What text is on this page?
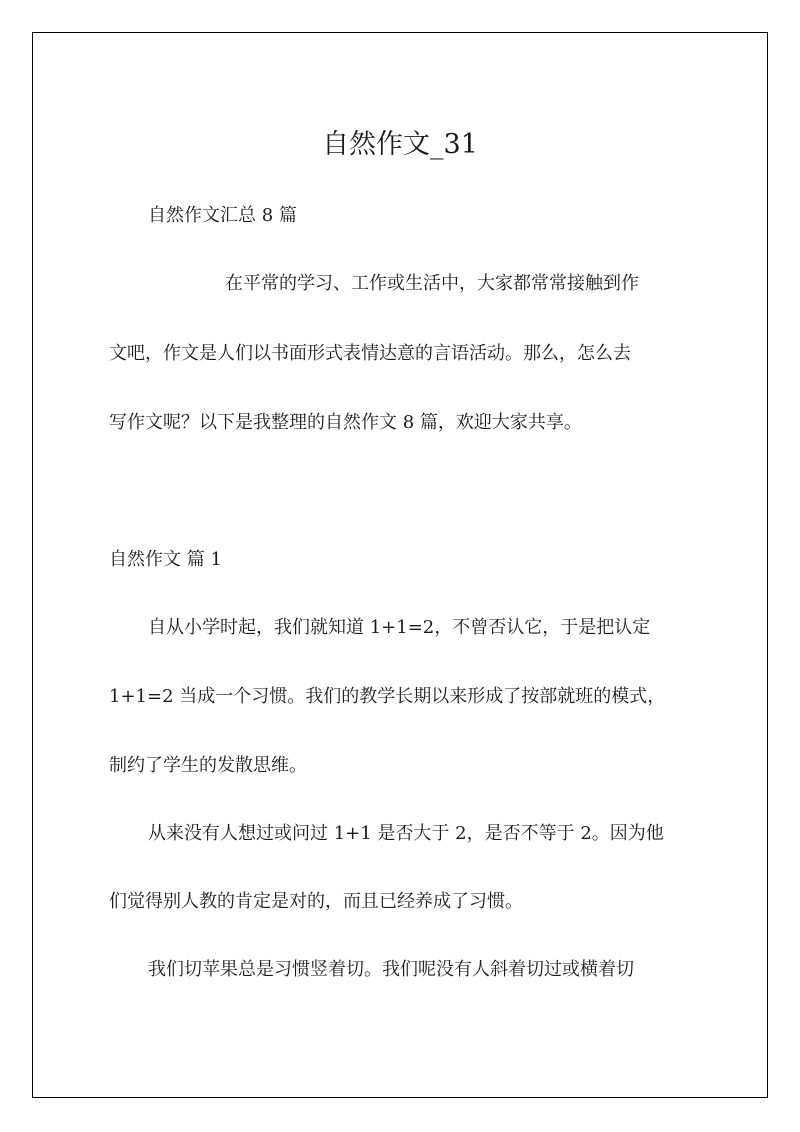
自然作文_31
自然作文汇总 8 篇
在平常的学习、工作或生活中，大家都常常接触到作
文吧，作文是人们以书面形式表情达意的言语活动。那么，怎么去
写作文呢？以下是我整理的自然作文 8 篇，欢迎大家共享。
自然作文 篇 1
自从小学时起，我们就知道 1+1=2，不曾否认它，于是把认定
1+1=2 当成一个习惯。我们的教学长期以来形成了按部就班的模式，
制约了学生的发散思维。
从来没有人想过或问过 1+1 是否大于 2，是否不等于 2。因为他
们觉得别人教的肯定是对的，而且已经养成了习惯。
我们切苹果总是习惯竖着切。我们呢没有人斜着切过或横着切
